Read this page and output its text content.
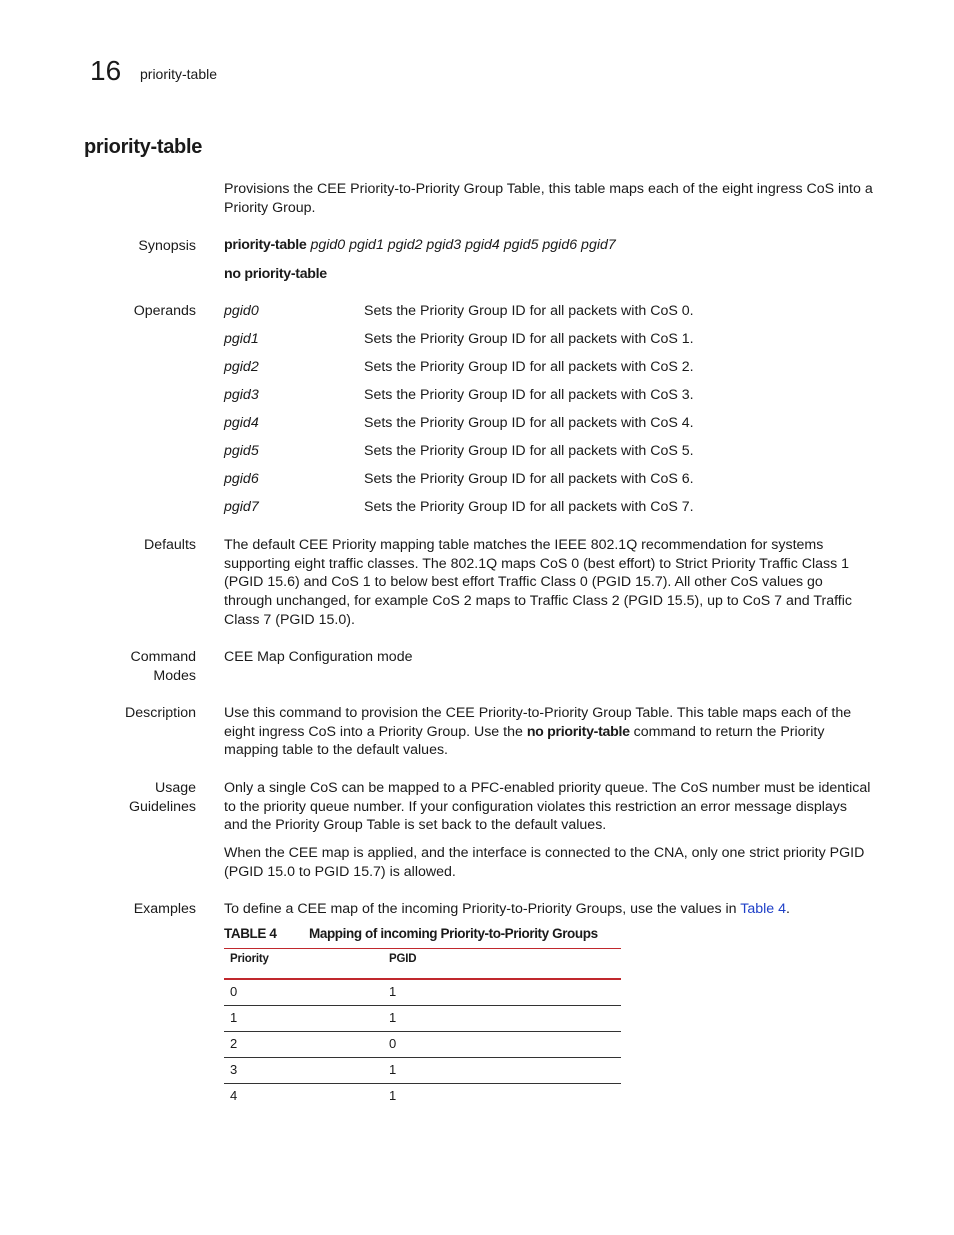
16 priority-table
priority-table
Provisions the CEE Priority-to-Priority Group Table, this table maps each of the eight ingress CoS into a Priority Group.
Synopsis priority-table pgid0 pgid1 pgid2 pgid3 pgid4 pgid5 pgid6 pgid7
no priority-table
Operands pgid0	Sets the Priority Group ID for all packets with CoS 0.
pgid1	Sets the Priority Group ID for all packets with CoS 1.
pgid2	Sets the Priority Group ID for all packets with CoS 2.
pgid3	Sets the Priority Group ID for all packets with CoS 3.
pgid4	Sets the Priority Group ID for all packets with CoS 4.
pgid5	Sets the Priority Group ID for all packets with CoS 5.
pgid6	Sets the Priority Group ID for all packets with CoS 6.
pgid7	Sets the Priority Group ID for all packets with CoS 7.
Defaults The default CEE Priority mapping table matches the IEEE 802.1Q recommendation for systems supporting eight traffic classes. The 802.1Q maps CoS 0 (best effort) to Strict Priority Traffic Class 1 (PGID 15.6) and CoS 1 to below best effort Traffic Class 0 (PGID 15.7). All other CoS values go through unchanged, for example CoS 2 maps to Traffic Class 2 (PGID 15.5), up to CoS 7 and Traffic Class 7 (PGID 15.0).
Command
Modes
CEE Map Configuration mode
Description Use this command to provision the CEE Priority-to-Priority Group Table. This table maps each of the eight ingress CoS into a Priority Group. Use the no priority-table command to return the Priority mapping table to the default values.
Usage
Guidelines
Only a single CoS can be mapped to a PFC-enabled priority queue. The CoS number must be identical to the priority queue number. If your configuration violates this restriction an error message displays and the Priority Group Table is set back to the default values.
When the CEE map is applied, and the interface is connected to the CNA, only one strict priority PGID (PGID 15.0 to PGID 15.7) is allowed.
Examples To define a CEE map of the incoming Priority-to-Priority Groups, use the values in Table 4.
TABLE 4 Mapping of incoming Priority-to-Priority Groups
Priority	PGID
0	1
1	1
2	0
3	1
4	1
